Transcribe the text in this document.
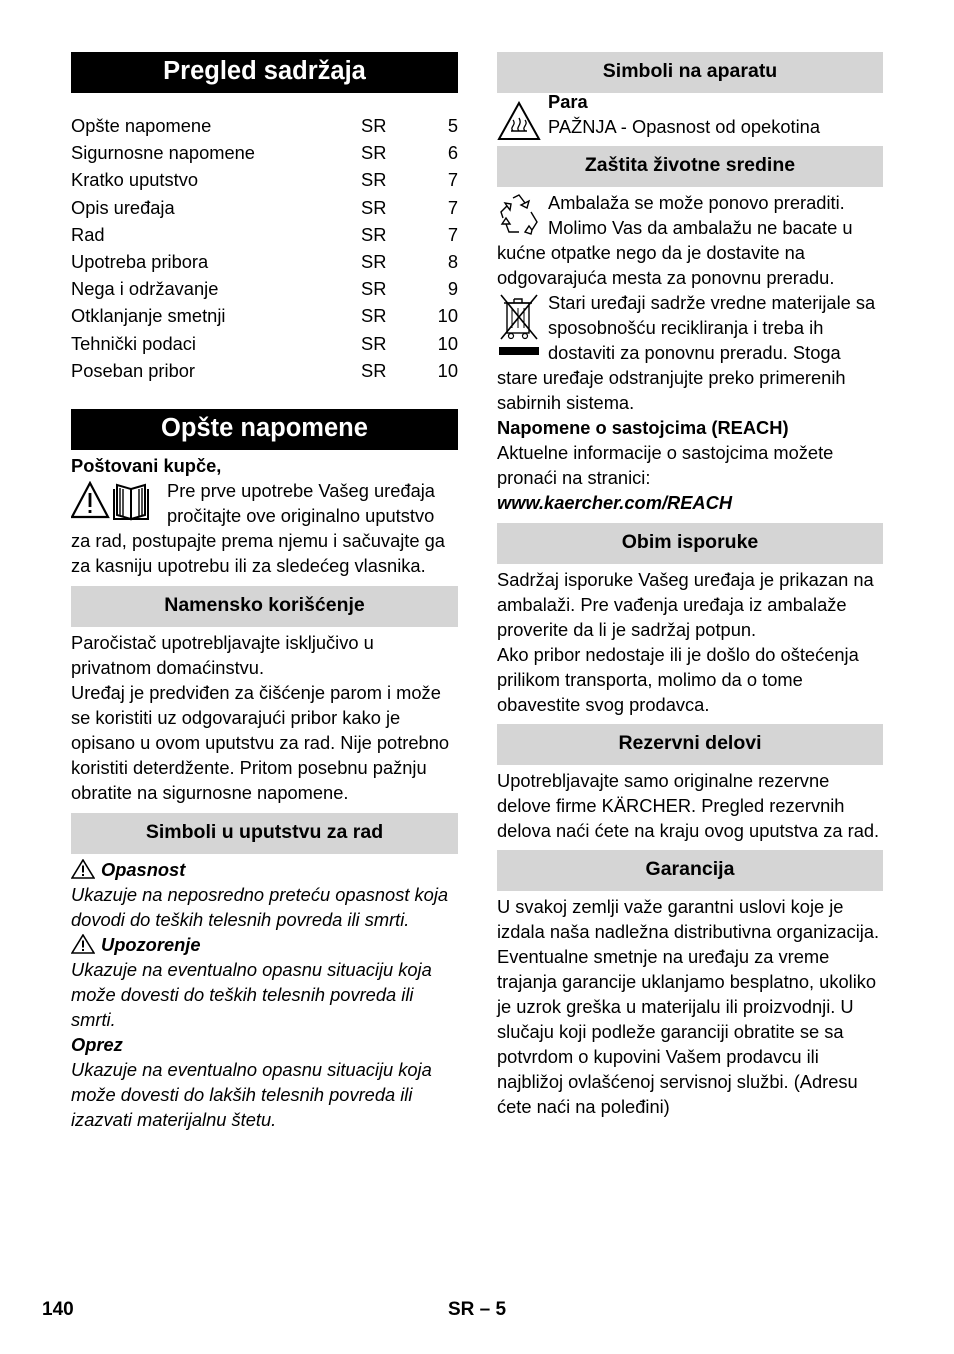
Pregled sadržaja
Opšte napomene	SR	5
Sigurnosne napomene	SR	6
Kratko uputstvo	SR	7
Opis uređaja	SR	7
Rad	SR	7
Upotreba pribora	SR	8
Nega i održavanje	SR	9
Otklanjanje smetnji	SR	10
Tehnički podaci	SR	10
Poseban pribor	SR	10
Opšte napomene
Poštovani kupče,
Pre prve upotrebe Vašeg uređaja pročitajte ove originalno uputstvo za rad, postupajte prema njemu i sačuvajte ga za kasniju upotrebu ili za sledećeg vlasnika.
Namensko korišćenje
Paročistač upotrebljavajte isključivo u privatnom domaćinstvu.
Uređaj je predviđen za čišćenje parom i može se koristiti uz odgovarajući pribor kako je opisano u ovom uputstvu za rad. Nije potrebno koristiti deterdžente. Pritom posebnu pažnju obratite na sigurnosne napomene.
Simboli u uputstvu za rad
Opasnost
Ukazuje na neposredno preteću opasnost koja dovodi do teških telesnih povreda ili smrti.
Upozorenje
Ukazuje na eventualno opasnu situaciju koja može dovesti do teških telesnih povreda ili smrti.
Oprez
Ukazuje na eventualno opasnu situaciju koja može dovesti do lakših telesnih povreda ili izazvati materijalnu štetu.
Simboli na aparatu
Para
PAŽNJA - Opasnost od opekotina
Zaštita životne sredine
Ambalaža se može ponovo preraditi. Molimo Vas da ambalažu ne bacate u kućne otpatke nego da je dostavite na odgovarajuća mesta za ponovnu preradu.
Stari uređaji sadrže vredne materijale sa sposobnošću recikliranja i treba ih dostaviti za ponovnu preradu. Stoga stare uređaje odstranjujte preko primerenih sabirnih sistema.
Napomene o sastojcima (REACH)
Aktuelne informacije o sastojcima možete pronaći na stranici:
www.kaercher.com/REACH
Obim isporuke
Sadržaj isporuke Vašeg uređaja je prikazan na ambalaži. Pre vađenja uređaja iz ambalaže proverite da li je sadržaj potpun.
Ako pribor nedostaje ili je došlo do oštećenja prilikom transporta, molimo da o tome obavestite svog prodavca.
Rezervni delovi
Upotrebljavajte samo originalne rezervne delove firme KÄRCHER. Pregled rezervnih delova naći ćete na kraju ovog uputstva za rad.
Garancija
U svakoj zemlji važe garantni uslovi koje je izdala naša nadležna distributivna organizacija. Eventualne smetnje na uređaju za vreme trajanja garancije uklanjamo besplatno, ukoliko je uzrok greška u materijalu ili proizvodnji. U slučaju koji podleže garanciji obratite se sa potvrdom o kupovini Vašem prodavcu ili najbližoj ovlašćenoj servisnoj službi. (Adresu ćete naći na poleđini)
140	SR – 5
